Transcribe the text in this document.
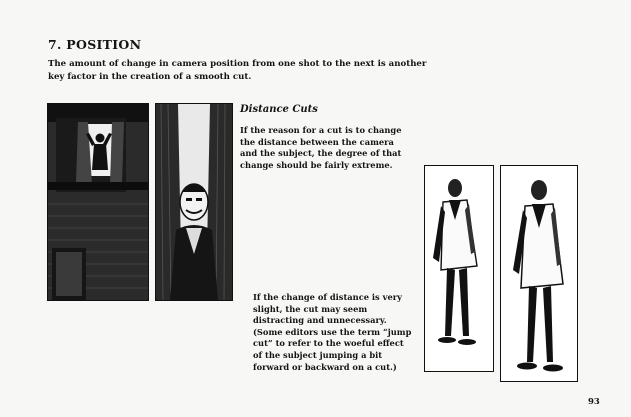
7. POSITION
The amount of change in camera position from one shot to the next is another key factor in the creation of a smooth cut.
Distance Cuts
If the reason for a cut is to change the distance between the camera and the subject, the degree of that change should be fairly extreme.
If the change of distance is very slight, the cut may seem distracting and unnecessary. (Some editors use the term “jump cut” to refer to the woeful effect of the subject jumping a bit forward or backward on a cut.)
93
